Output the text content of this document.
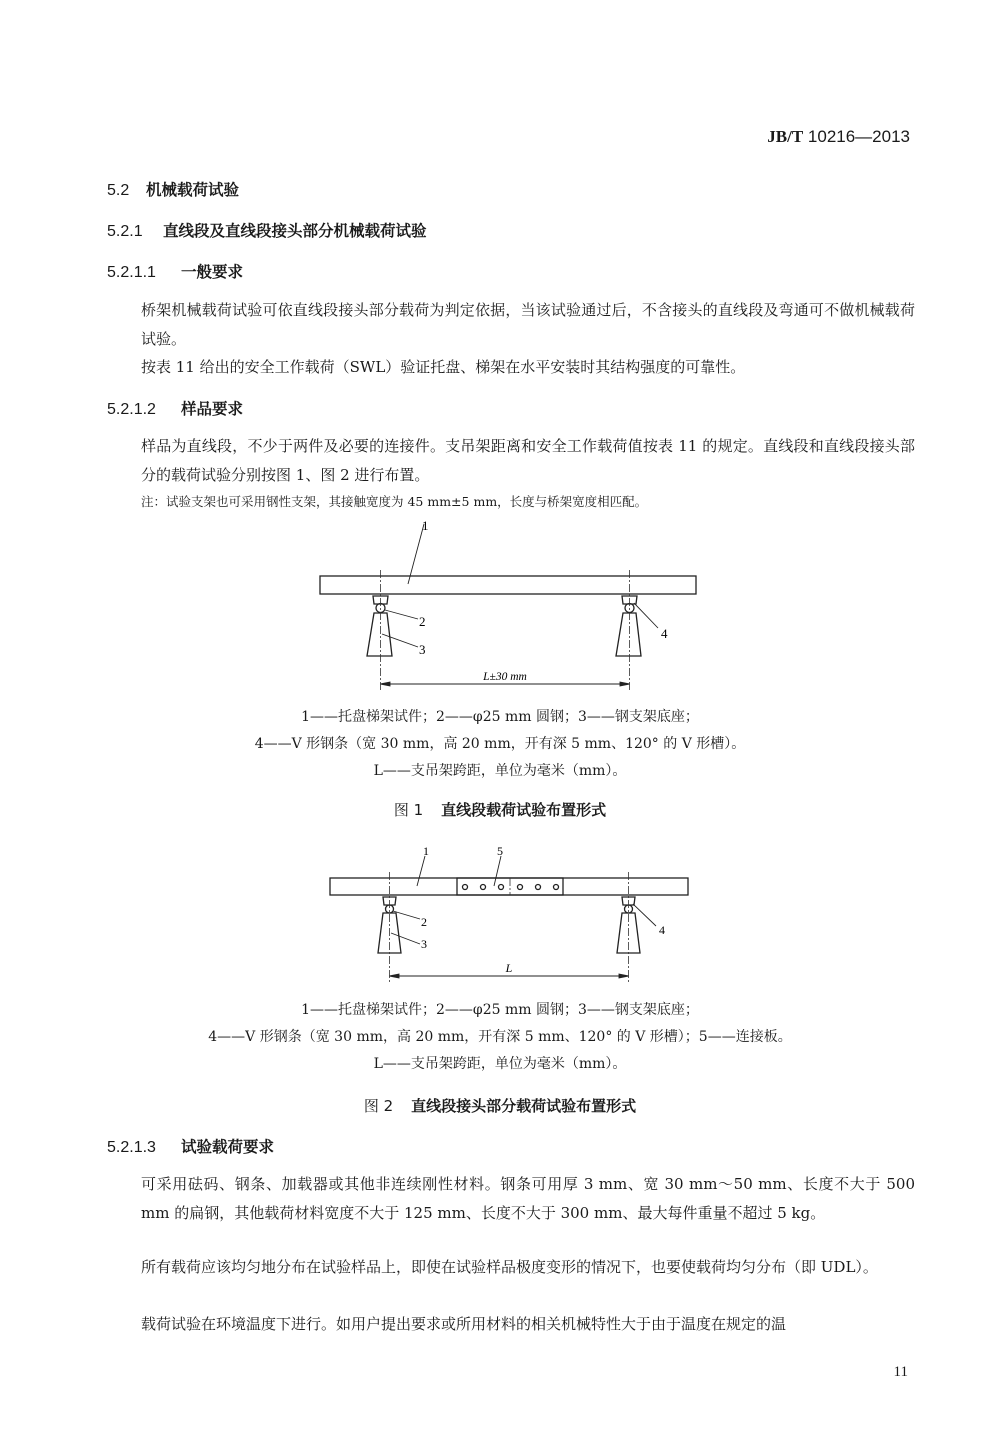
JB/T 10216—2013
5.2 机械载荷试验
5.2.1 直线段及直线段接头部分机械载荷试验
5.2.1.1 一般要求
桥架机械载荷试验可依直线段接头部分载荷为判定依据，当该试验通过后，不含接头的直线段及弯通可不做机械载荷试验。
按表 11 给出的安全工作载荷（SWL）验证托盘、梯架在水平安装时其结构强度的可靠性。
5.2.1.2 样品要求
样品为直线段，不少于两件及必要的连接件。支吊架距离和安全工作载荷值按表 11 的规定。直线段和直线段接头部分的载荷试验分别按图 1、图 2 进行布置。
注：试验支架也可采用钢性支架，其接触宽度为 45 mm±5 mm，长度与桥架宽度相匹配。
1
2
3
4
L±30 mm
1——托盘梯架试件；2——φ25 mm 圆钢；3——钢支架底座；
4——V 形钢条（宽 30 mm，高 20 mm，开有深 5 mm、120° 的 V 形槽）。
L——支吊架跨距，单位为毫米（mm）。
图 1 直线段载荷试验布置形式
1	5
2
3
4
L
1——托盘梯架试件；2——φ25 mm 圆钢；3——钢支架底座；
4——V 形钢条（宽 30 mm，高 20 mm，开有深 5 mm、120° 的 V 形槽）；5——连接板。
L——支吊架跨距，单位为毫米（mm）。
图 2 直线段接头部分载荷试验布置形式
5.2.1.3 试验载荷要求
可采用砝码、钢条、加载器或其他非连续刚性材料。钢条可用厚 3 mm、宽 30 mm～50 mm、长度不大于 500 mm 的扁钢，其他载荷材料宽度不大于 125 mm、长度不大于 300 mm、最大每件重量不超过 5 kg。
所有载荷应该均匀地分布在试验样品上，即使在试验样品极度变形的情况下，也要使载荷均匀分布（即 UDL）。
载荷试验在环境温度下进行。如用户提出要求或所用材料的相关机械特性大于由于温度在规定的温
11
